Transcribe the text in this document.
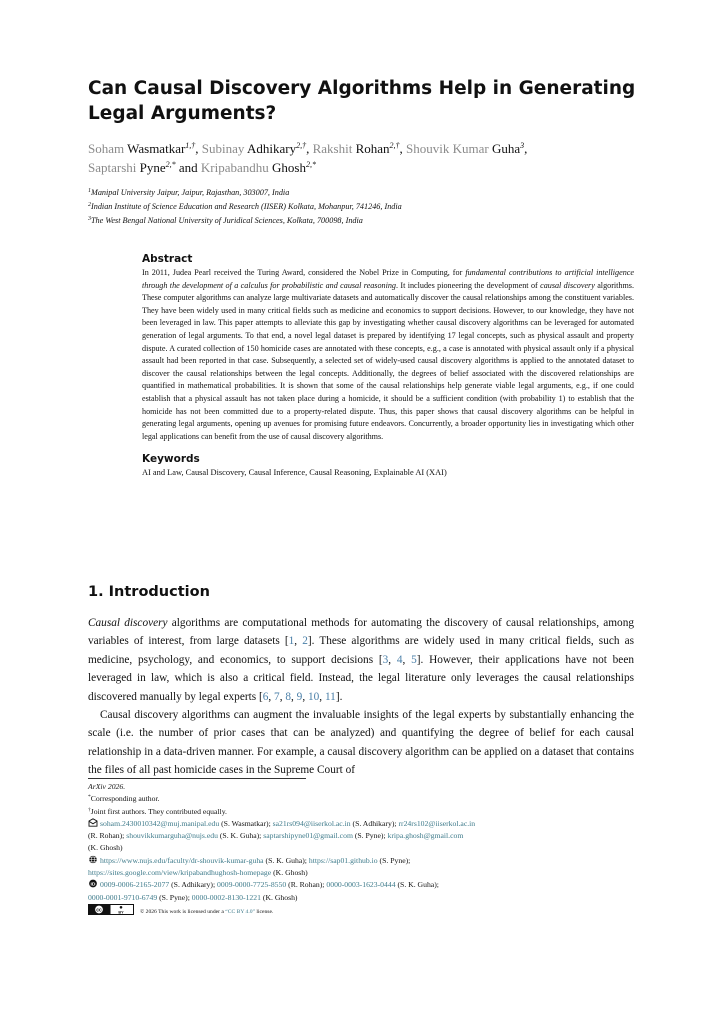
Can Causal Discovery Algorithms Help in Generating Legal Arguments?
Soham Wasmatkar$^{1,\dagger}$, Subinay Adhikary$^{2,\dagger}$, Rakshit Rohan$^{2,\dagger}$, Shouvik Kumar Guha$^3$,
Saptarshi Pyne$^{2,*}$ and Kripabandhu Ghosh$^{2,*}$
$^1$Manipal University Jaipur, Jaipur, Rajasthan, 303007, India
$^2$Indian Institute of Science Education and Research (IISER) Kolkata, Mohanpur, 741246, India
$^3$The West Bengal National University of Juridical Sciences, Kolkata, 700098, India
Abstract

In 2011, Judea Pearl received the Turing Award, considered the Nobel Prize in Computing, for fundamental contributions to artificial intelligence through the development of a calculus for probabilistic and causal reasoning. It includes pioneering the development of causal discovery algorithms. These computer algorithms can analyze large multivariate datasets and automatically discover the causal relationships among the constituent variables. They have been widely used in many critical fields such as medicine and economics to support decisions. However, to our knowledge, they have not been leveraged in law. This paper attempts to alleviate this gap by investigating whether causal discovery algorithms can be leveraged for automated generation of legal arguments. To that end, a novel legal dataset is prepared by identifying 17 legal concepts, such as physical assault and property dispute. A curated collection of 150 homicide cases are annotated with these concepts, e.g., a case is annotated with physical assault only if a physical assault had been reported in that case. Subsequently, a selected set of widely-used causal discovery algorithms is applied to the annotated dataset to discover the causal relationships between the legal concepts. Additionally, the degrees of belief associated with the discovered relationships are quantified in mathematical probabilities. It is shown that some of the causal relationships help generate viable legal arguments, e.g., if one could establish that a physical assault has not taken place during a homicide, it should be a sufficient condition (with probability 1) to establish that the homicide has not been committed due to a property-related dispute. Thus, this paper shows that causal discovery algorithms can be helpful in generating legal arguments, opening up avenues for promising future endeavors. Concurrently, a broader opportunity lies in investigating which other legal applications can benefit from the use of causal discovery algorithms.

Keywords

AI and Law, Causal Discovery, Causal Inference, Causal Reasoning, Explainable AI (XAI)

1. Introduction

Causal discovery algorithms are computational methods for automating the discovery of causal relationships, among variables of interest, from large datasets [1, 2]. These algorithms are widely used in many critical fields, such as medicine, psychology, and economics, to support decisions [3, 4, 5]. However, their applications have not been leveraged in law, which is also a critical field. Instead, the legal literature only leverages the causal relationships discovered manually by legal experts [6, 7, 8, 9, 10, 11].

Causal discovery algorithms can augment the invaluable insights of the legal experts by substantially enhancing the scale (i.e. the number of prior cases that can be analyzed) and quantifying the degree of belief for each causal relationship in a data-driven manner. For example, a causal discovery algorithm can be applied on a dataset that contains the files of all past homicide cases in the Supreme Court of

ArXiv 2026.

*Corresponding author.

†Joint first authors. They contributed equally.

soham.2430010342@muj.manipal.edu (S. Wasmatkar); sa21rs094@iiserkol.ac.in (S. Adhikary); rr24rs102@iiserkol.ac.in
(R. Rohan); shouvikkumarguha@nujs.edu (S. K. Guha); saptarshipyne01@gmail.com (S. Pyne); kripa.ghosh@gmail.com
(K. Ghosh)

https://www.nujs.edu/faculty/dr-shouvik-kumar-guha (S. K. Guha); https://sap01.github.io (S. Pyne);
https://sites.google.com/view/kripabandhughosh-homepage (K. Ghosh)

iD 0009-0006-2165-2077 (S. Adhikary); 0009-0000-7725-8550 (R. Rohan); 0000-0003-1623-0444 (S. K. Guha);
0000-0001-9710-6749 (S. Pyne); 0000-0002-8130-1221 (K. Ghosh)

cc	BY	© 2026 This work is licensed under a “CC BY 4.0” license.
